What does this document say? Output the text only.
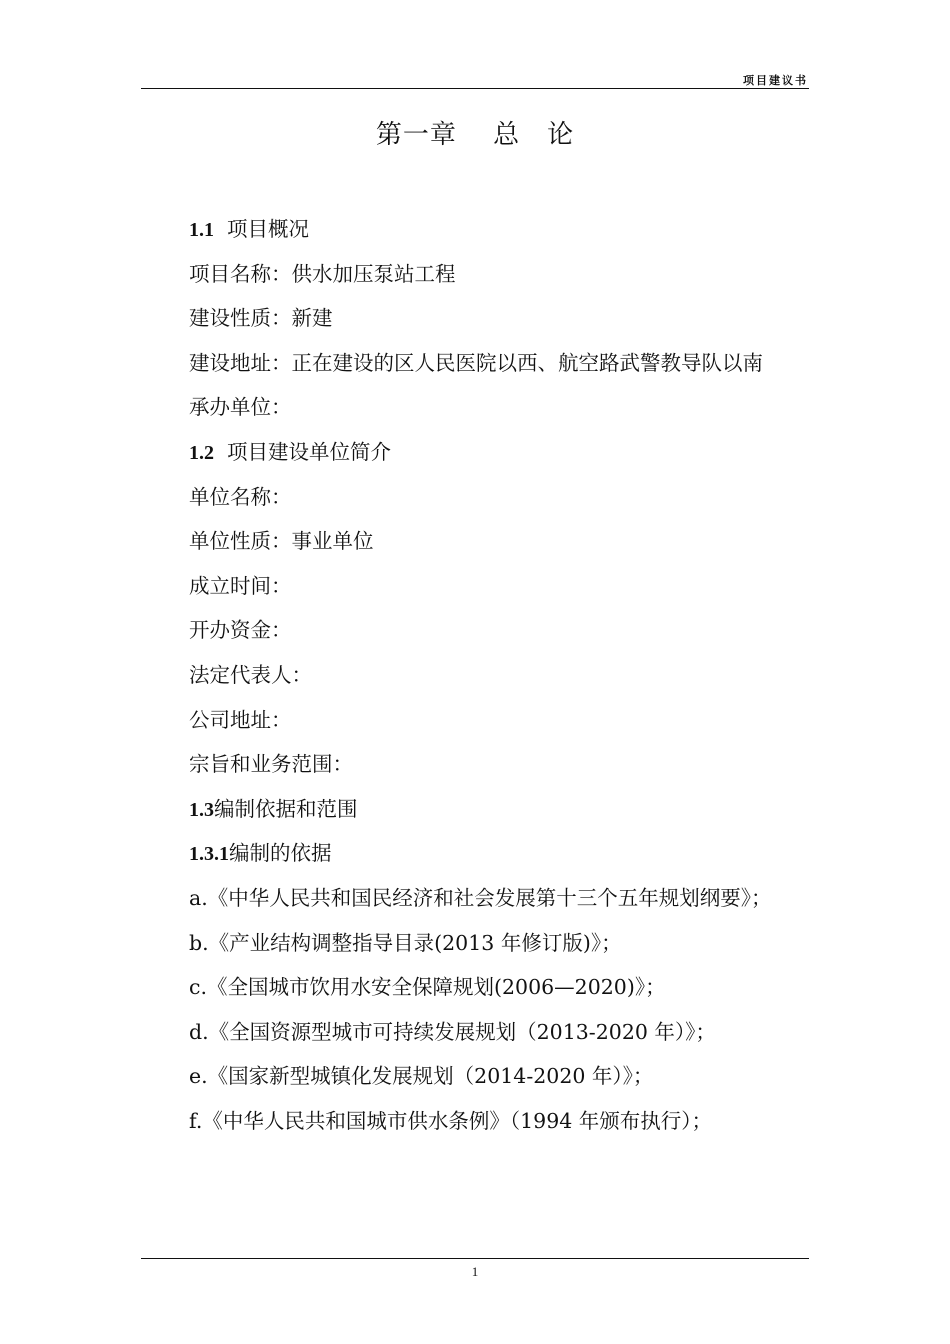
项目建议书
第一章　 总　论
1.1 项目概况
项目名称：供水加压泵站工程
建设性质：新建
建设地址：正在建设的区人民医院以西、航空路武警教导队以南
承办单位：
1.2 项目建设单位简介
单位名称：
单位性质：事业单位
成立时间：
开办资金：
法定代表人：
公司地址：
宗旨和业务范围：
1.3编制依据和范围
1.3.1编制的依据
a.《中华人民共和国民经济和社会发展第十三个五年规划纲要》；
b.《产业结构调整指导目录(2013 年修订版)》；
c.《全国城市饮用水安全保障规划(2006—2020)》；
d.《全国资源型城市可持续发展规划（2013-2020 年）》；
e.《国家新型城镇化发展规划（2014-2020 年）》；
f.《中华人民共和国城市供水条例》（1994 年颁布执行）；
1
